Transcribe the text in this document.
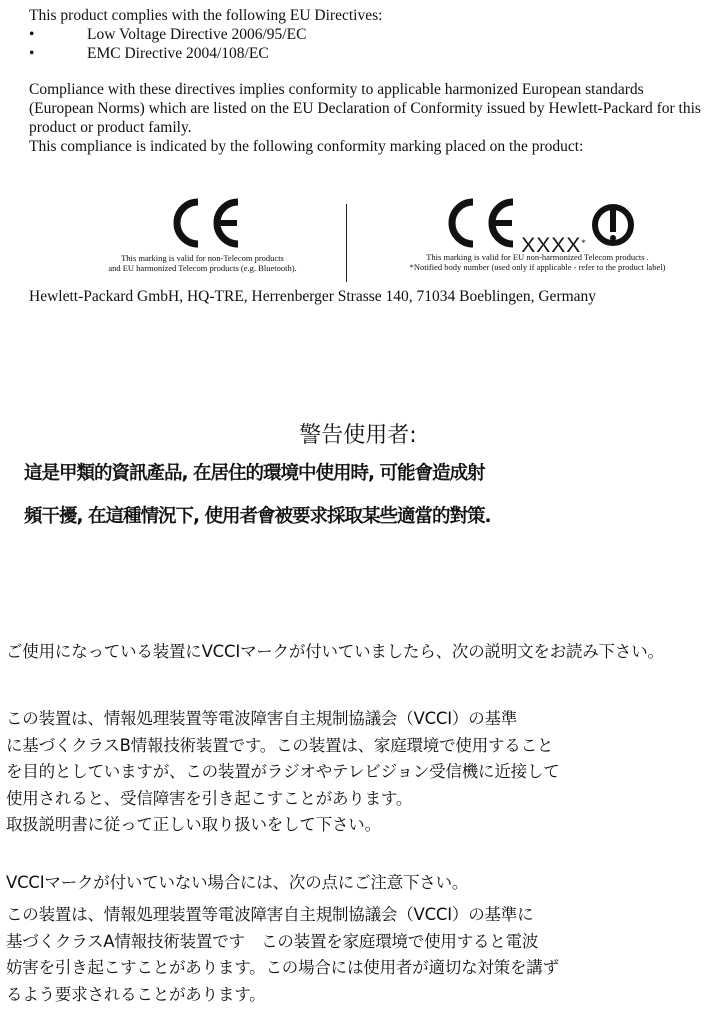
This product complies with the following EU Directives:

•	Low Voltage Directive 2006/95/EC
•	EMC Directive 2004/108/EC

Compliance with these directives implies conformity to applicable harmonized European standards (European Norms) which are listed on the EU Declaration of Conformity issued by Hewlett-Packard for this product or product family.

This compliance is indicated by the following conformity marking placed on the product:

This marking is valid for non-Telecom products
and EU harmonized Telecom products (e.g. Bluetooth).
XXXX*
This marking is valid for EU non-harmonized Telecom products .
*Notified body number (used only if applicable - refer to the product label)

Hewlett-Packard GmbH, HQ-TRE, Herrenberger Strasse 140, 71034 Boeblingen, Germany

警告使用者:

這是甲類的資訊產品, 在居住的環境中使用時, 可能會造成射

頻干擾, 在這種情況下, 使用者會被要求採取某些適當的對策.

ご使用になっている装置にVCCIマークが付いていましたら、次の説明文をお読み下さい。

この装置は、情報処理装置等電波障害自主規制協議会（VCCI）の基準
に基づくクラスB情報技術装置です。この装置は、家庭環境で使用すること
を目的としていますが、この装置がラジオやテレビジョン受信機に近接して
使用されると、受信障害を引き起こすことがあります。
取扱説明書に従って正しい取り扱いをして下さい。

VCCIマークが付いていない場合には、次の点にご注意下さい。

この装置は、情報処理装置等電波障害自主規制協議会（VCCI）の基準に
基づくクラスA情報技術装置です　この装置を家庭環境で使用すると電波
妨害を引き起こすことがあります。この場合には使用者が適切な対策を講ず
るよう要求されることがあります。
